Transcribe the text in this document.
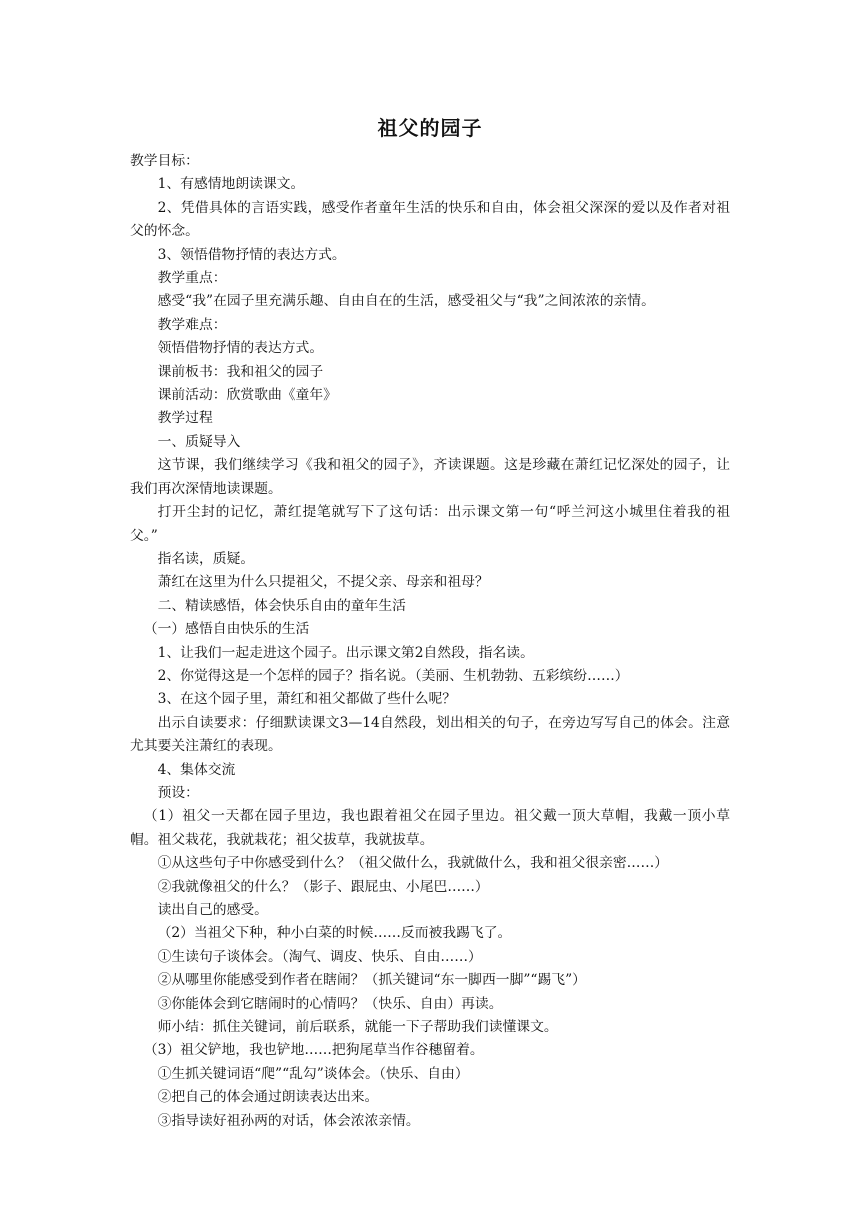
祖父的园子

教学目标：

1、有感情地朗读课文。

2、凭借具体的言语实践，感受作者童年生活的快乐和自由，体会祖父深深的爱以及作者对祖父的怀念。

3、领悟借物抒情的表达方式。

教学重点：

感受“我”在园子里充满乐趣、自由自在的生活，感受祖父与“我”之间浓浓的亲情。

教学难点：

领悟借物抒情的表达方式。

课前板书：我和祖父的园子

课前活动：欣赏歌曲《童年》

教学过程

一、质疑导入

这节课，我们继续学习《我和祖父的园子》，齐读课题。这是珍藏在萧红记忆深处的园子，让我们再次深情地读课题。

打开尘封的记忆，萧红提笔就写下了这句话：出示课文第一句“呼兰河这小城里住着我的祖父。”

指名读，质疑。

萧红在这里为什么只提祖父，不提父亲、母亲和祖母？

二、精读感悟，体会快乐自由的童年生活

（一）感悟自由快乐的生活

1、让我们一起走进这个园子。出示课文第2自然段，指名读。

2、你觉得这是一个怎样的园子？指名说。（美丽、生机勃勃、五彩缤纷……）

3、在这个园子里，萧红和祖父都做了些什么呢？

出示自读要求：仔细默读课文3—14自然段，划出相关的句子，在旁边写写自己的体会。注意尤其要关注萧红的表现。

4、集体交流

预设：

（1）祖父一天都在园子里边，我也跟着祖父在园子里边。祖父戴一顶大草帽，我戴一顶小草帽。祖父栽花，我就栽花；祖父拔草，我就拔草。

①从这些句子中你感受到什么？（祖父做什么，我就做什么，我和祖父很亲密……）

②我就像祖父的什么？（影子、跟屁虫、小尾巴……）

读出自己的感受。

（2）当祖父下种，种小白菜的时候……反而被我踢飞了。

①生读句子谈体会。（淘气、调皮、快乐、自由……）

②从哪里你能感受到作者在瞎闹？（抓关键词“东一脚西一脚”“踢飞”）

③你能体会到它瞎闹时的心情吗？（快乐、自由）再读。

师小结：抓住关键词，前后联系，就能一下子帮助我们读懂课文。

（3）祖父铲地，我也铲地……把狗尾草当作谷穗留着。

①生抓关键词语“爬”“乱勾”谈体会。（快乐、自由）

②把自己的体会通过朗读表达出来。

③指导读好祖孙两的对话，体会浓浓亲情。
